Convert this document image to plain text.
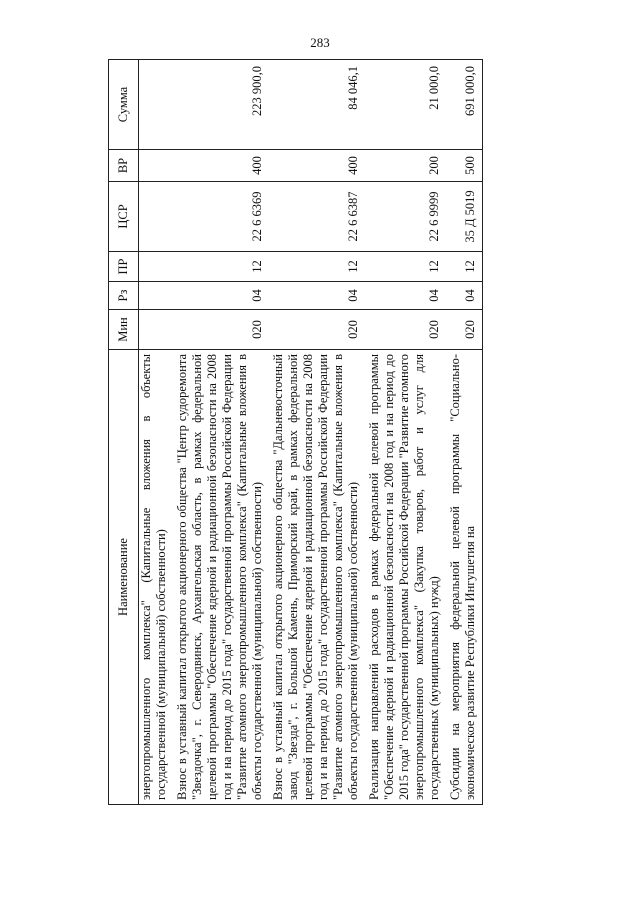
283
Наименование	Мин	Рз	ПР	ЦСР	ВР	Сумма
энергопромышленного комплекса" (Капитальные вложения в объекты государственной (муниципальной) собственности)						
Взнос в уставный капитал открытого акционерного общества "Центр судоремонта "Звездочка", г. Северодвинск, Архангельская область, в рамках федеральной целевой программы "Обеспечение ядерной и радиационной безопасности на 2008 год и на период до 2015 года" государственной программы Российской Федерации "Развитие атомного энергопромышленного комплекса" (Капитальные вложения в объекты государственной (муниципальной) собственности)	020	04	12	22 6 6369	400	223 900,0
Взнос в уставный капитал открытого акционерного общества "Дальневосточный завод "Звезда", г. Большой Камень, Приморский край, в рамках федеральной целевой программы "Обеспечение ядерной и радиационной безопасности на 2008 год и на период до 2015 года" государственной программы Российской Федерации "Развитие атомного энергопромышленного комплекса" (Капитальные вложения в объекты государственной (муниципальной) собственности)	020	04	12	22 6 6387	400	84 046,1
Реализация направлений расходов в рамках федеральной целевой программы "Обеспечение ядерной и радиационной безопасности на 2008 год и на период до 2015 года" государственной программы Российской Федерации "Развитие атомного энергопромышленного комплекса" (Закупка товаров, работ и услуг для государственных (муниципальных) нужд)	020	04	12	22 6 9999	200	21 000,0
Субсидии на мероприятия федеральной целевой программы "Социально-экономическое развитие Республики Ингушетия на	020	04	12	35 Д 5019	500	691 000,0
